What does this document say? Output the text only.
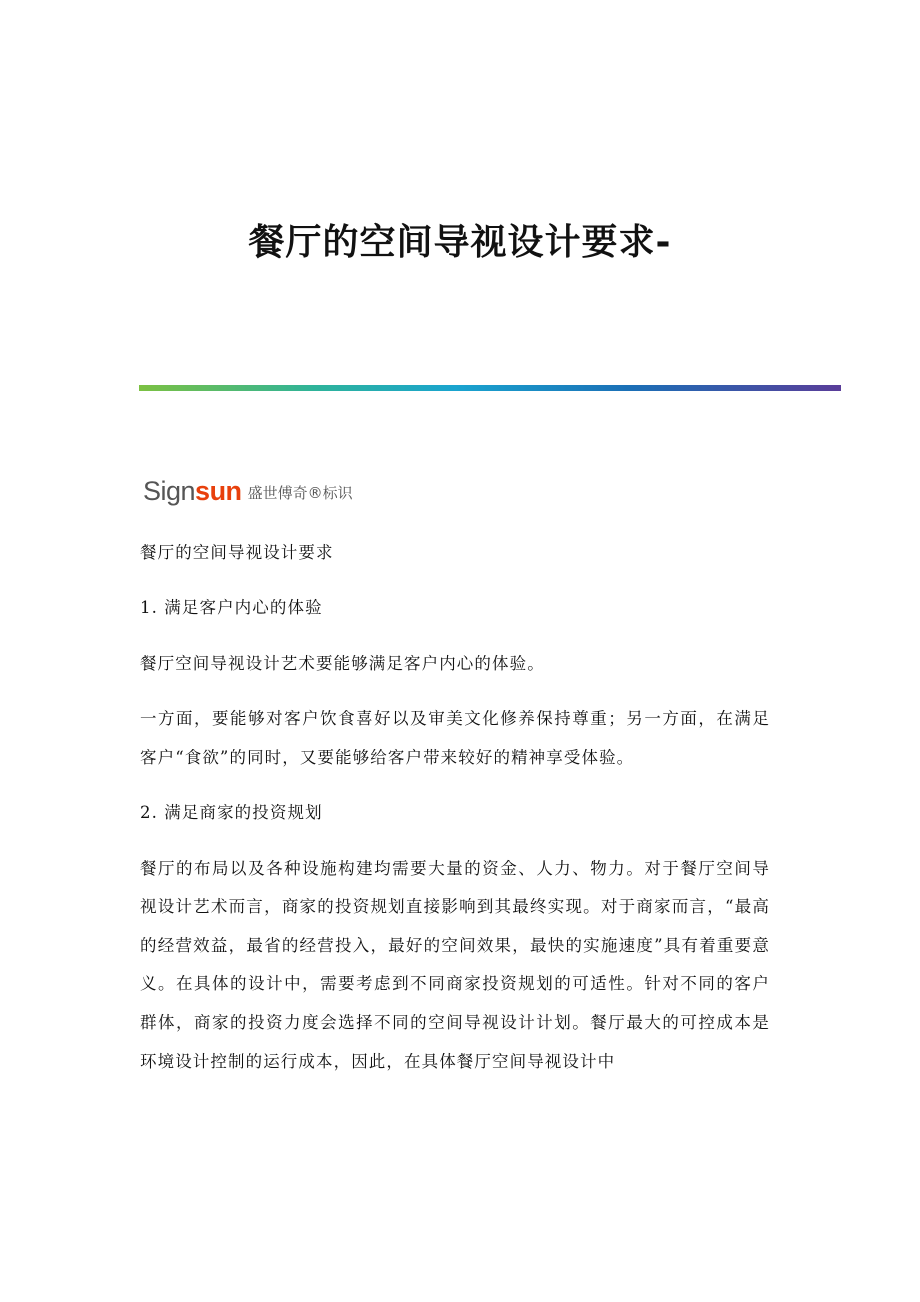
餐厅的空间导视设计要求-
Sign sun 盛世傅奇®标识

餐厅的空间导视设计要求

1. 满足客户内心的体验

餐厅空间导视设计艺术要能够满足客户内心的体验。

一方面，要能够对客户饮食喜好以及审美文化修养保持尊重；另一方面，在满足客户“食欲”的同时，又要能够给客户带来较好的精神享受体验。

2. 满足商家的投资规划

餐厅的布局以及各种设施构建均需要大量的资金、人力、物力。对于餐厅空间导视设计艺术而言，商家的投资规划直接影响到其最终实现。对于商家而言，“最高的经营效益，最省的经营投入，最好的空间效果，最快的实施速度”具有着重要意义。在具体的设计中，需要考虑到不同商家投资规划的可适性。针对不同的客户群体，商家的投资力度会选择不同的空间导视设计计划。餐厅最大的可控成本是环境设计控制的运行成本，因此，在具体餐厅空间导视设计中
